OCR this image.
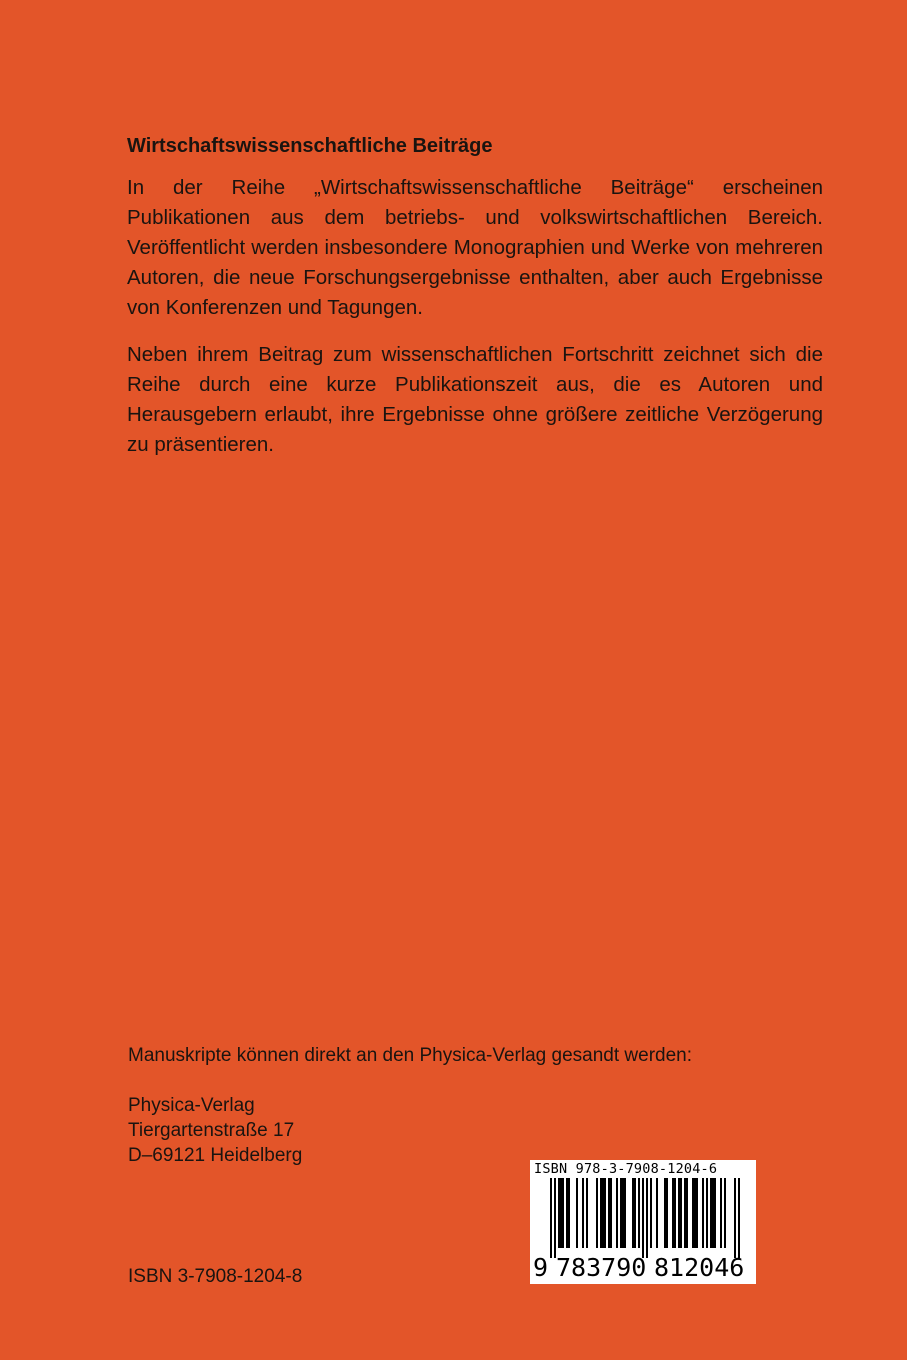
Wirtschaftswissenschaftliche Beiträge

In der Reihe „Wirtschaftswissenschaftliche Beiträge“ erscheinen Publikationen aus dem betriebs- und volkswirtschaftlichen Bereich. Veröffentlicht werden insbesondere Monographien und Werke von mehreren Autoren, die neue Forschungsergebnisse enthalten, aber auch Ergebnisse von Konferenzen und Tagungen.

Neben ihrem Beitrag zum wissenschaftlichen Fortschritt zeichnet sich die Reihe durch eine kurze Publikationszeit aus, die es Autoren und Herausgebern erlaubt, ihre Ergebnisse ohne größere zeitliche Verzögerung zu präsentieren.

Manuskripte können direkt an den Physica-Verlag gesandt werden:
Physica-Verlag
Tiergartenstraße 17
D–69121 Heidelberg
ISBN 3-7908-1204-8
ISBN 978-3-7908-1204-6
9 783790 812046
